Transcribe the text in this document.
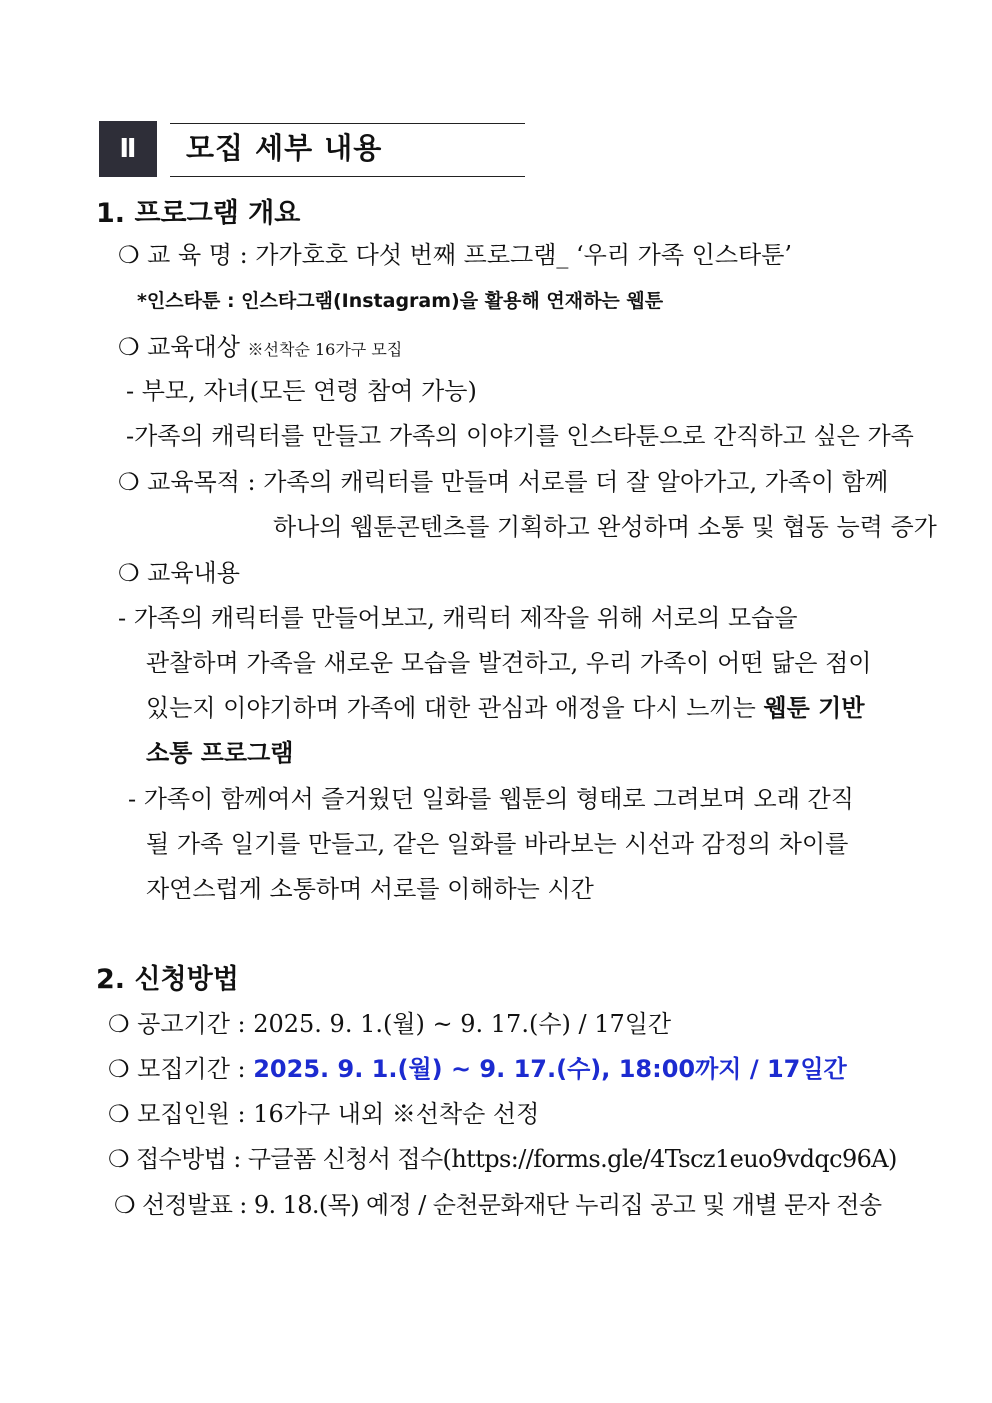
Ⅱ	모집 세부 내용
1. 프로그램 개요
❍ 교 육 명 : 가가호호 다섯 번째 프로그램_ ‘우리 가족 인스타툰’
*인스타툰 : 인스타그램(Instagram)을 활용해 연재하는 웹툰
❍ 교육대상 ※선착순 16가구 모집
- 부모, 자녀(모든 연령 참여 가능)
-가족의 캐릭터를 만들고 가족의 이야기를 인스타툰으로 간직하고 싶은 가족
❍ 교육목적 : 가족의 캐릭터를 만들며 서로를 더 잘 알아가고, 가족이 함께
하나의 웹툰콘텐츠를 기획하고 완성하며 소통 및 협동 능력 증가
❍ 교육내용
- 가족의 캐릭터를 만들어보고, 캐릭터 제작을 위해 서로의 모습을
관찰하며 가족을 새로운 모습을 발견하고, 우리 가족이 어떤 닮은 점이
있는지 이야기하며 가족에 대한 관심과 애정을 다시 느끼는 웹툰 기반
소통 프로그램
- 가족이 함께여서 즐거웠던 일화를 웹툰의 형태로 그려보며 오래 간직
될 가족 일기를 만들고, 같은 일화를 바라보는 시선과 감정의 차이를
자연스럽게 소통하며 서로를 이해하는 시간
2. 신청방법
❍ 공고기간 : 2025. 9. 1.(월) ~ 9. 17.(수) / 17일간
❍ 모집기간 : 2025. 9. 1.(월) ~ 9. 17.(수), 18:00까지 / 17일간
❍ 모집인원 : 16가구 내외 ※선착순 선정
❍ 접수방법 : 구글폼 신청서 접수(https://forms.gle/4Tscz1euo9vdqc96A)
❍ 선정발표 : 9. 18.(목) 예정 / 순천문화재단 누리집 공고 및 개별 문자 전송
